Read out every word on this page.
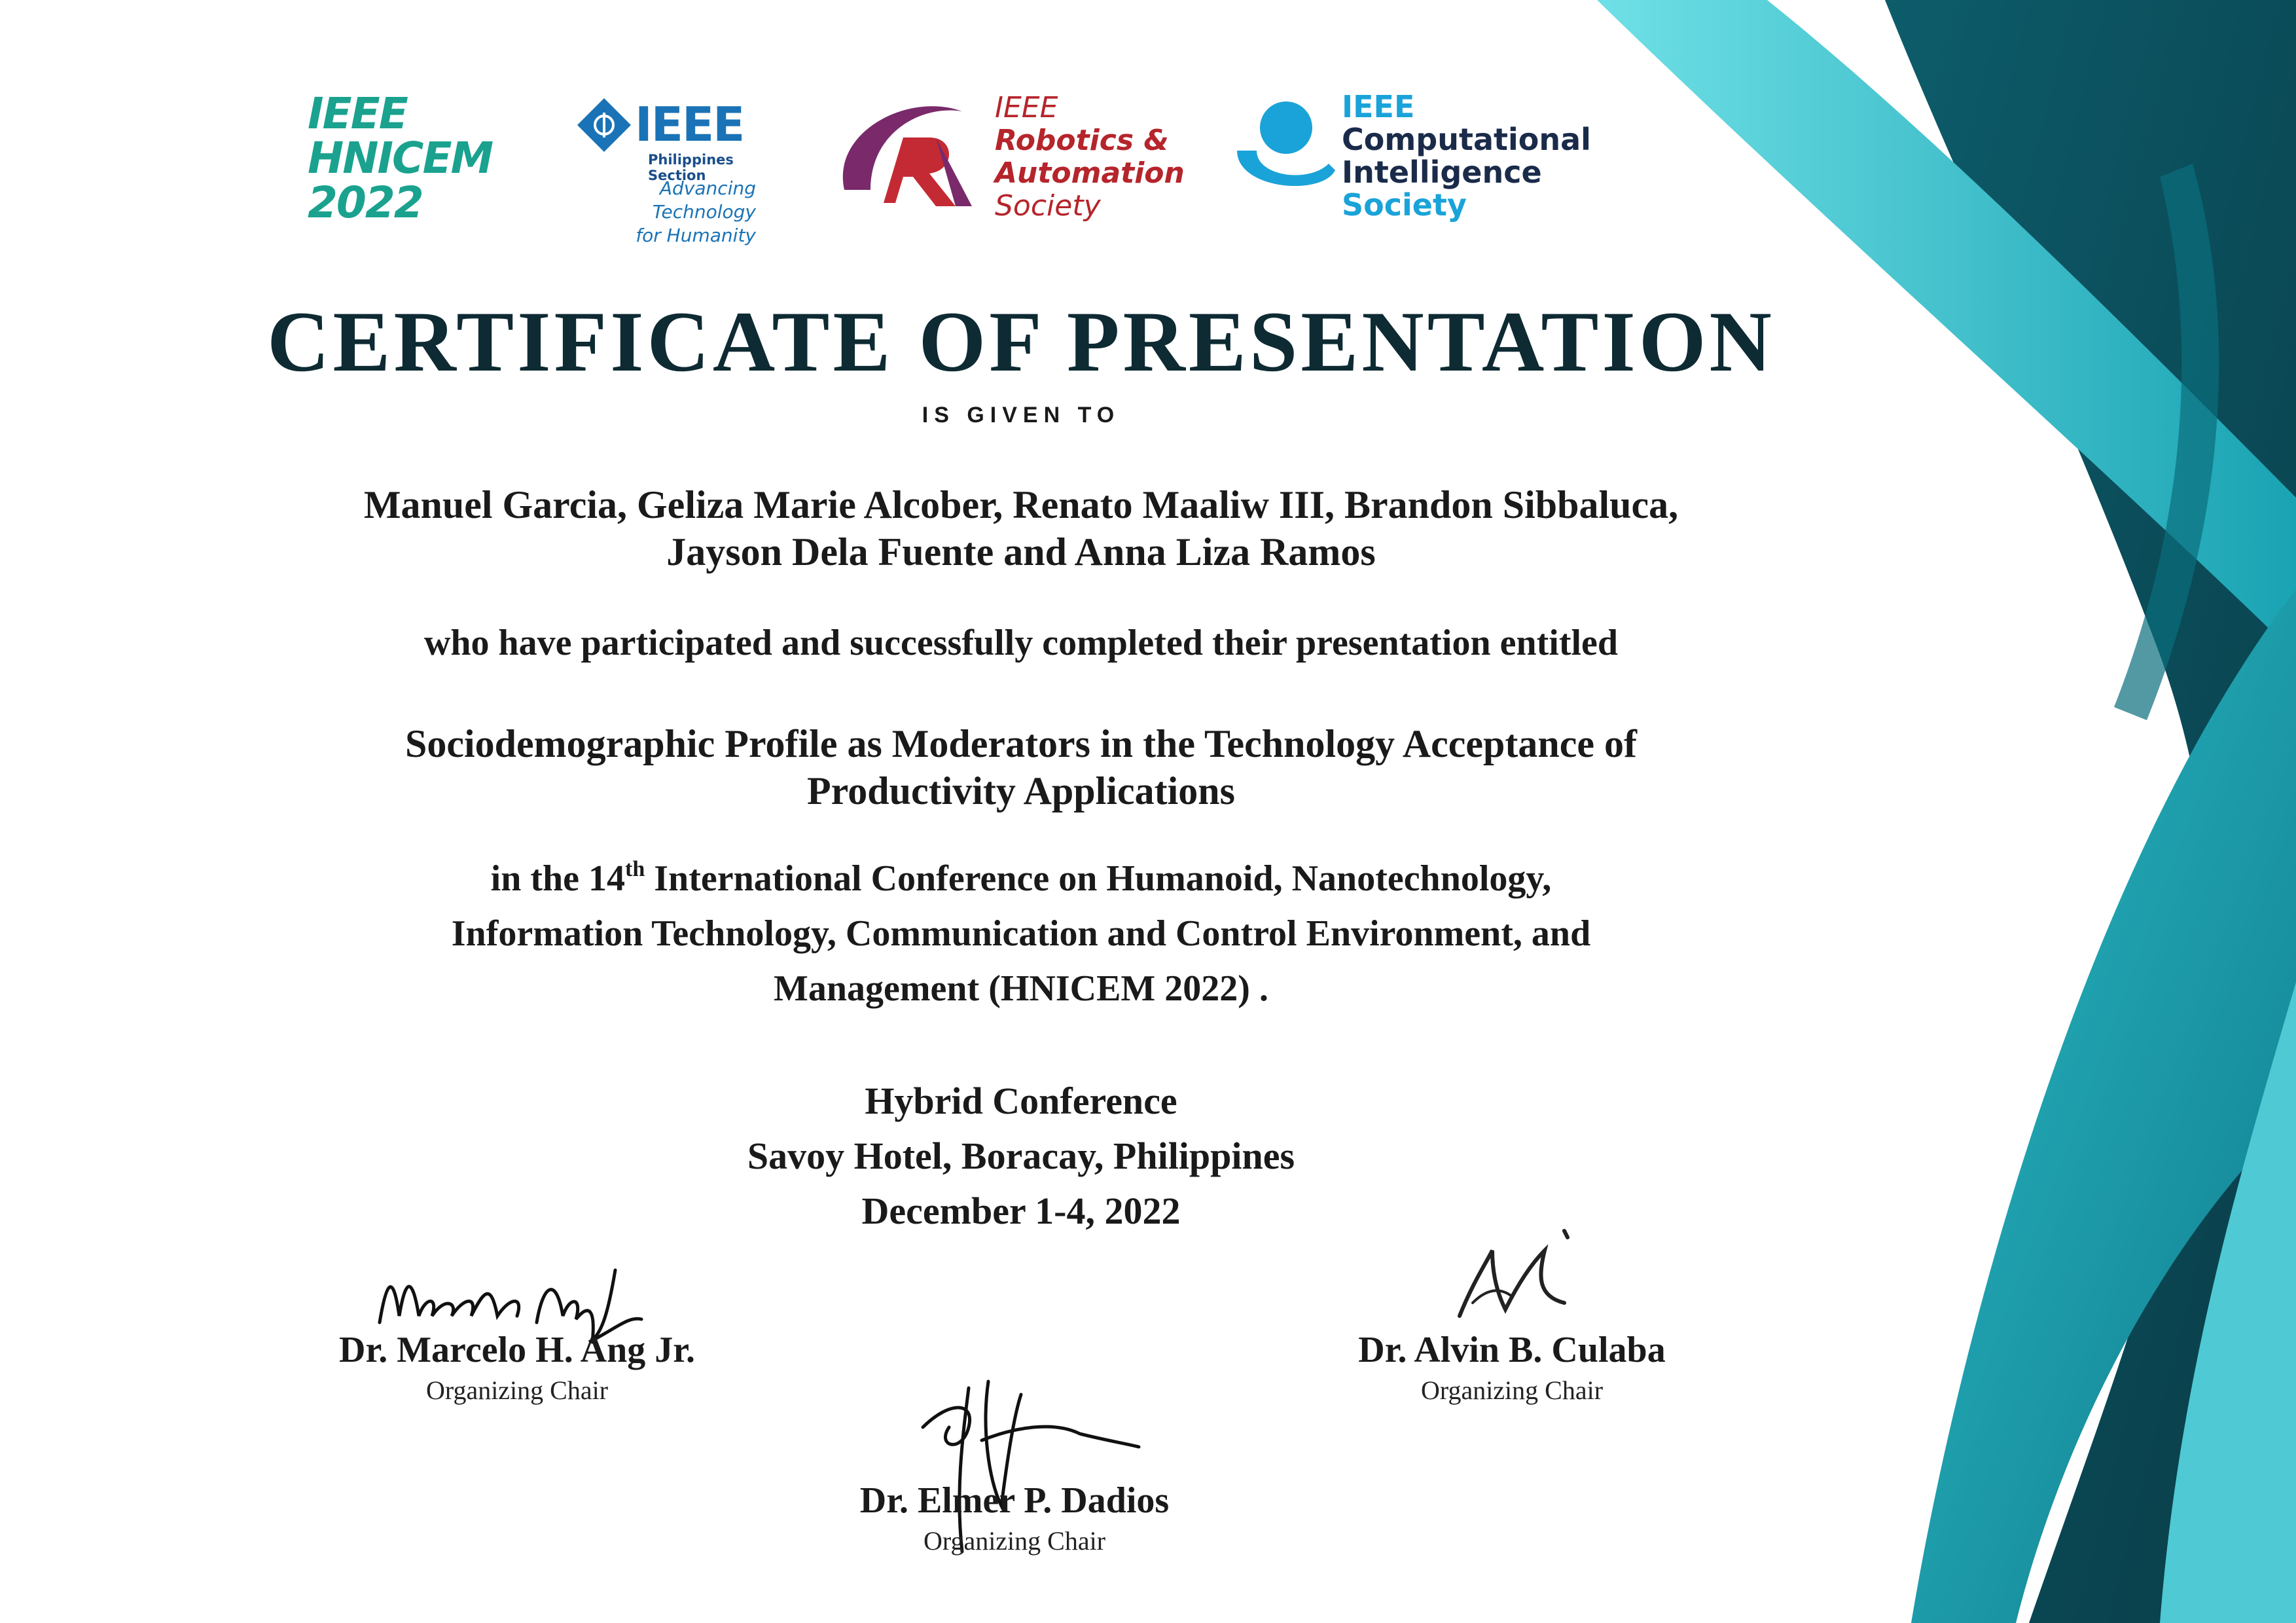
IEEE
HNICEM
2022
IEEE
Philippines Section
Advancing Technology
for Humanity
IEEE
Robotics &
Automation
Society
IEEE
Computational
Intelligence
Society
CERTIFICATE OF PRESENTATION
IS GIVEN TO
Manuel Garcia, Geliza Marie Alcober, Renato Maaliw III, Brandon Sibbaluca,
Jayson Dela Fuente and Anna Liza Ramos
who have participated and successfully completed their presentation entitled
Sociodemographic Profile as Moderators in the Technology Acceptance of
Productivity Applications
in the 14th International Conference on Humanoid, Nanotechnology,
Information Technology, Communication and Control Environment, and
Management (HNICEM 2022) .
Hybrid Conference
Savoy Hotel, Boracay, Philippines
December 1-4, 2022
Dr. Marcelo H. Ang Jr.
Organizing Chair
Dr. Alvin B. Culaba
Organizing Chair
Dr. Elmer P. Dadios
Organizing Chair
